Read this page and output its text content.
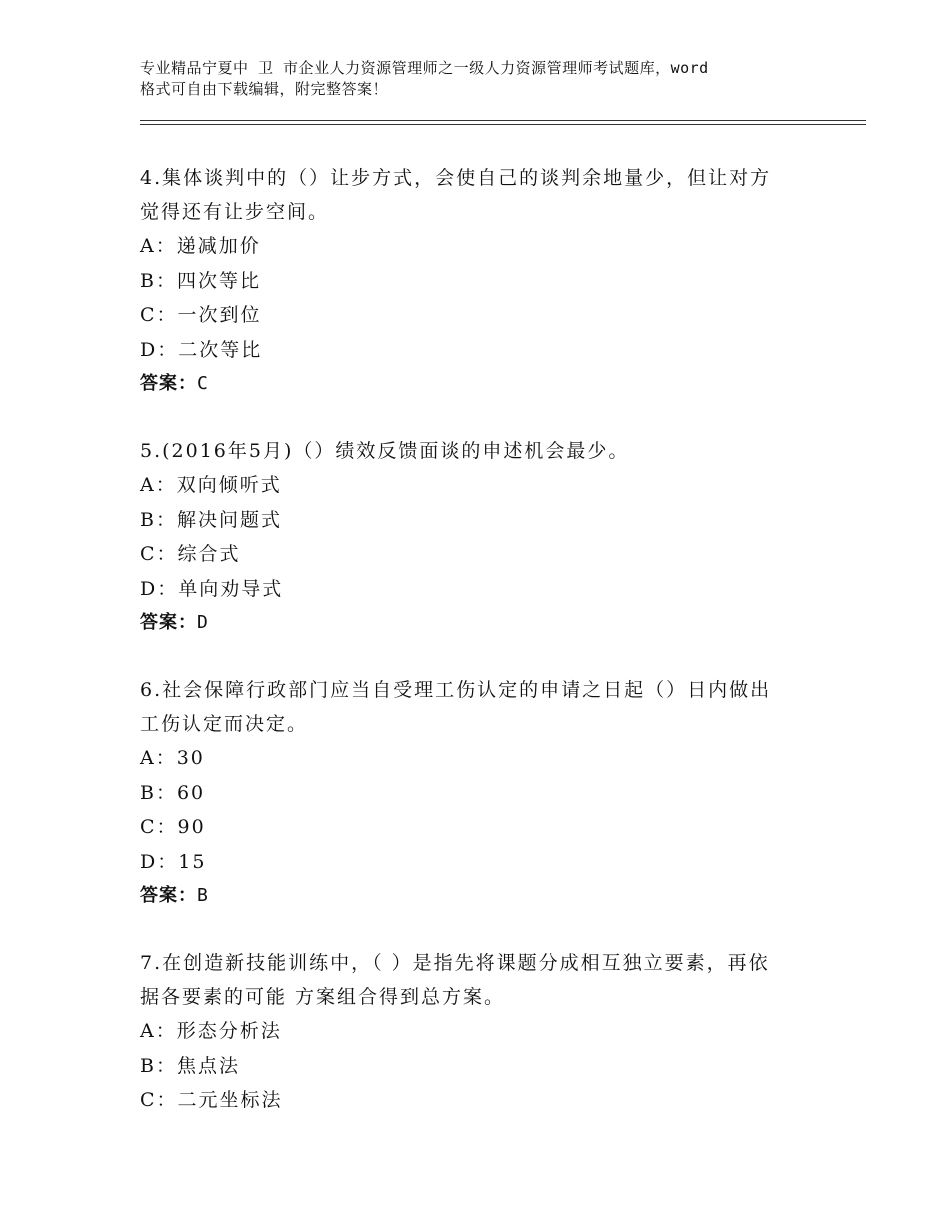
专业精品宁夏中 卫 市企业人力资源管理师之一级人力资源管理师考试题库，word
格式可自由下载编辑，附完整答案！
4.集体谈判中的（）让步方式，会使自己的谈判余地量少，但让对方
觉得还有让步空间。
A：递减加价
B：四次等比
C：一次到位
D：二次等比
答案：C
5.(2016年5月)（）绩效反馈面谈的申述机会最少。
A：双向倾听式
B：解决问题式
C：综合式
D：单向劝导式
答案：D
6.社会保障行政部门应当自受理工伤认定的申请之日起（）日内做出
工伤认定而决定。
A：30
B：60
C：90
D：15
答案：B
7.在创造新技能训练中，（ ）是指先将课题分成相互独立要素，再依
据各要素的可能 方案组合得到总方案。
A：形态分析法
B：焦点法
C：二元坐标法
